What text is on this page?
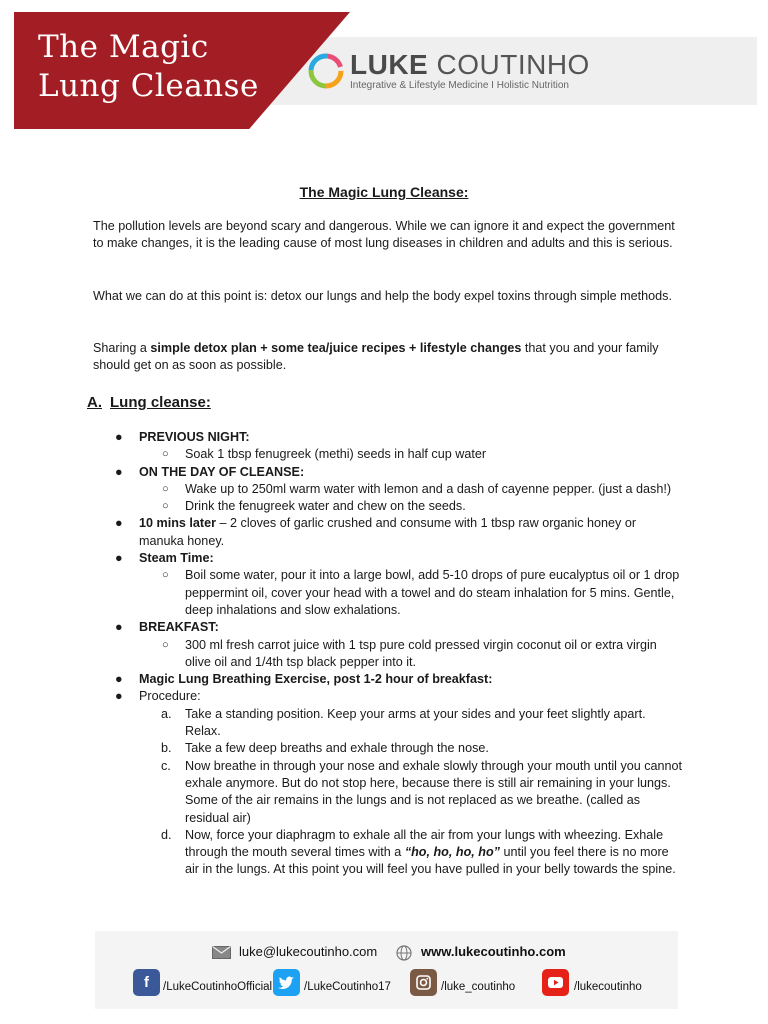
The Magic
Lung Cleanse
LUKE COUTINHO
Integrative & Lifestyle Medicine I Holistic Nutrition
The Magic Lung Cleanse:

The pollution levels are beyond scary and dangerous. While we can ignore it and expect the government to make changes, it is the leading cause of most lung diseases in children and adults and this is serious.

What we can do at this point is: detox our lungs and help the body expel toxins through simple methods.

Sharing a simple detox plan + some tea/juice recipes + lifestyle changes that you and your family should get on as soon as possible.

A. Lung cleanse:
● PREVIOUS NIGHT:
○ Soak 1 tbsp fenugreek (methi) seeds in half cup water
● ON THE DAY OF CLEANSE:
○ Wake up to 250ml warm water with lemon and a dash of cayenne pepper. (just a dash!)
○ Drink the fenugreek water and chew on the seeds.
● 10 mins later – 2 cloves of garlic crushed and consume with 1 tbsp raw organic honey or manuka honey.
● Steam Time:
○ Boil some water, pour it into a large bowl, add 5-10 drops of pure eucalyptus oil or 1 drop peppermint oil, cover your head with a towel and do steam inhalation for 5 mins. Gentle, deep inhalations and slow exhalations.
● BREAKFAST:
○ 300 ml fresh carrot juice with 1 tsp pure cold pressed virgin coconut oil or extra virgin olive oil and 1/4th tsp black pepper into it.
● Magic Lung Breathing Exercise, post 1-2 hour of breakfast:
● Procedure:
a. Take a standing position. Keep your arms at your sides and your feet slightly apart. Relax.
b. Take a few deep breaths and exhale through the nose.
c. Now breathe in through your nose and exhale slowly through your mouth until you cannot exhale anymore. But do not stop here, because there is still air remaining in your lungs. Some of the air remains in the lungs and is not replaced as we breathe. (called as residual air)
d. Now, force your diaphragm to exhale all the air from your lungs with wheezing. Exhale through the mouth several times with a “ho, ho, ho, ho” until you feel there is no more air in the lungs. At this point you will feel you have pulled in your belly towards the spine.
luke@lukecoutinho.com	www.lukecoutinho.com
f	/LukeCoutinhoOfficial	/LukeCoutinho17	/luke_coutinho	/lukecoutinho
